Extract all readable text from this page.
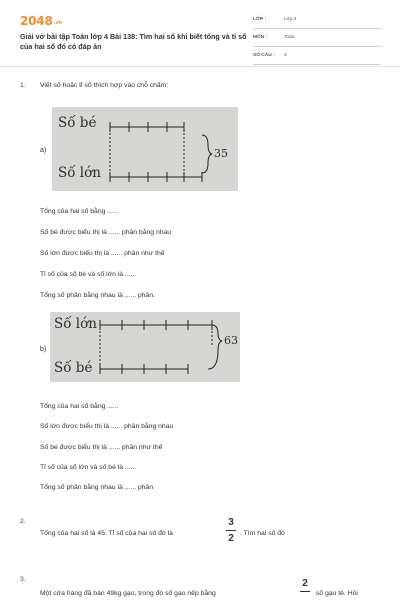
2048.vn
Giải vở bài tập Toán lớp 4 Bài 138: Tìm hai số khi biết tổng và tỉ số của hai số đó có đáp án
LỚP :	Lớp 4
MÔN :	Toán
SỐ CÂU : 3
1. Viết số hoặc tỉ số thích hợp vào chỗ chấm:
a)
Số bé
Số lớn
35
Tổng của hai số bằng ......
Số bé được biểu thị là ...... phần bằng nhau
Số lớn được biểu thị là ...... phần như thế
Tỉ số của số bé và số lớn là ......
Tổng số phần bằng nhau là ...... phần.
b)
Số lớn
Số bé
63
Tổng của hai số bằng ......
Số lớn được biểu thị là ...... phần bằng nhau
Số bé được biểu thị là ...... phần như thế
Tỉ số của số lớn và số bé là ......
Tổng số phần bằng nhau là ...... phần
2.
Tổng của hai số là 45. Tỉ số của hai số đó là
3
2 . Tìm hai số đó
3.
Một cửa hàng đã bán 49kg gạo, trong đó số gạo nếp bằng
2
số gạo tẻ. Hỏi
